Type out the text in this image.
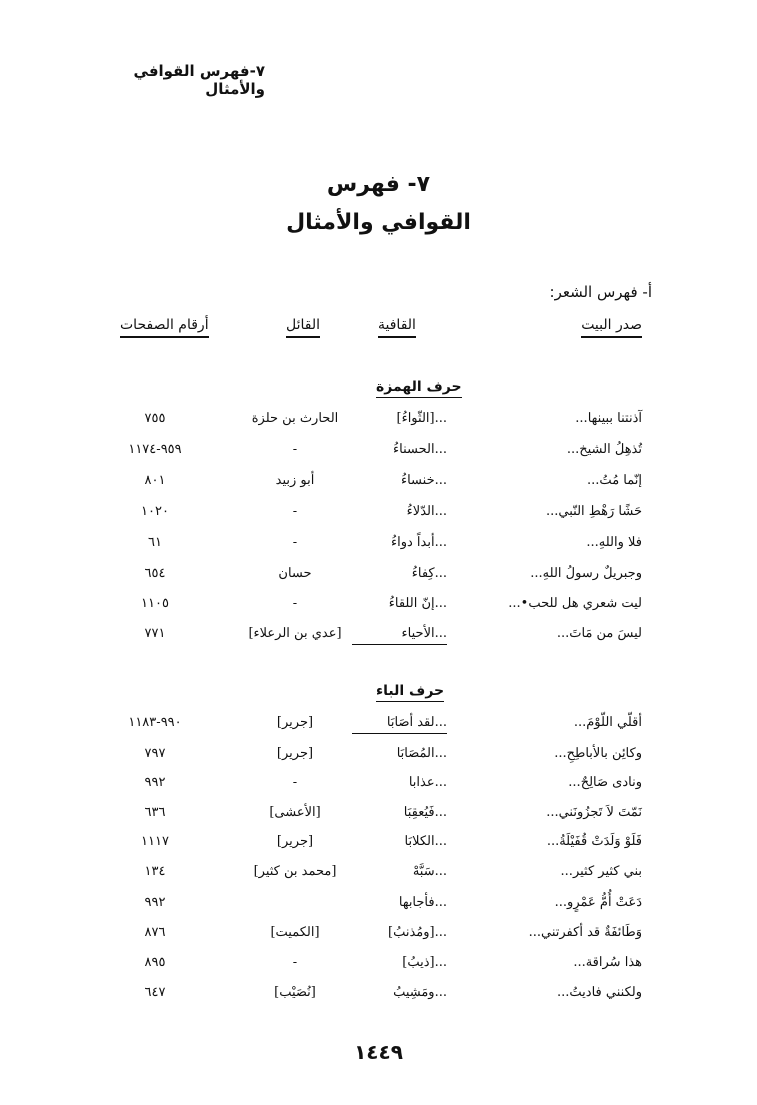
٧-فهرس القوافي والأمثال
٧- فهرس
القوافي والأمثال
أ- فهرس الشعر:
صدر البيت
القافية
القائل
أرقام الصفحات
حرف الهمزة
آذنتنا ببينها...
...[الثّواءُ]
الحارث بن حلزة
٧٥٥
تُذهِلُ الشيخ...
...الحسناءُ
-
٩٥٩-١١٧٤
إنّما مُتُ...
...خنساءُ
أبو زبيد
٨٠١
حَشًا رَهْطِ النّبي...
...الدّلاءُ
-
١٠٢٠
فلا واللهِ...
...أبداً دواءُ
-
٦١
وجبريلٌ رسولُ اللهِ...
...كِفاءُ
حسان
٦٥٤
ليت شعري هل للحب•...
...إنّ اللقاءُ
-
١١٠٥
ليسَ من مَاتَ...
...الأحياء
[عدي بن الرعلاء]
٧٧١
حرف الباء
أقلّي اللّوْمَ...
...لقد أصَابَا
[جرير]
٩٩٠-١١٨٣
وكائِن بالأباطِحِ...
...المُصَابَا
[جرير]
٧٩٧
ونادى صَالِحٌ...
...عذابا
-
٩٩٢
نَمّتَ لاَ تَجزُونَني...
...فَيُعقِبَا
[الأعشى]
٦٣٦
فَلَوْ وَلَدَتْ قُفَيْلَةُ...
...الكلابَا
[جرير]
١١١٧
بني كثير كثير...
...سَبَّهْ
[محمد بن كثير]
١٣٤
دَعَتْ أُمُّ عَمْرٍو...
...فأجابها
٩٩٢
وَطَائفَةٌ قد أكفرتني...
...[ومُذنبُ]
[الكميت]
٨٧٦
هذا سُراقة...
...[ذيبُ]
-
٨٩٥
ولكنني فاديتُ...
...ومَشِيبُ
[نُصَيْب]
٦٤٧
١٤٤٩
